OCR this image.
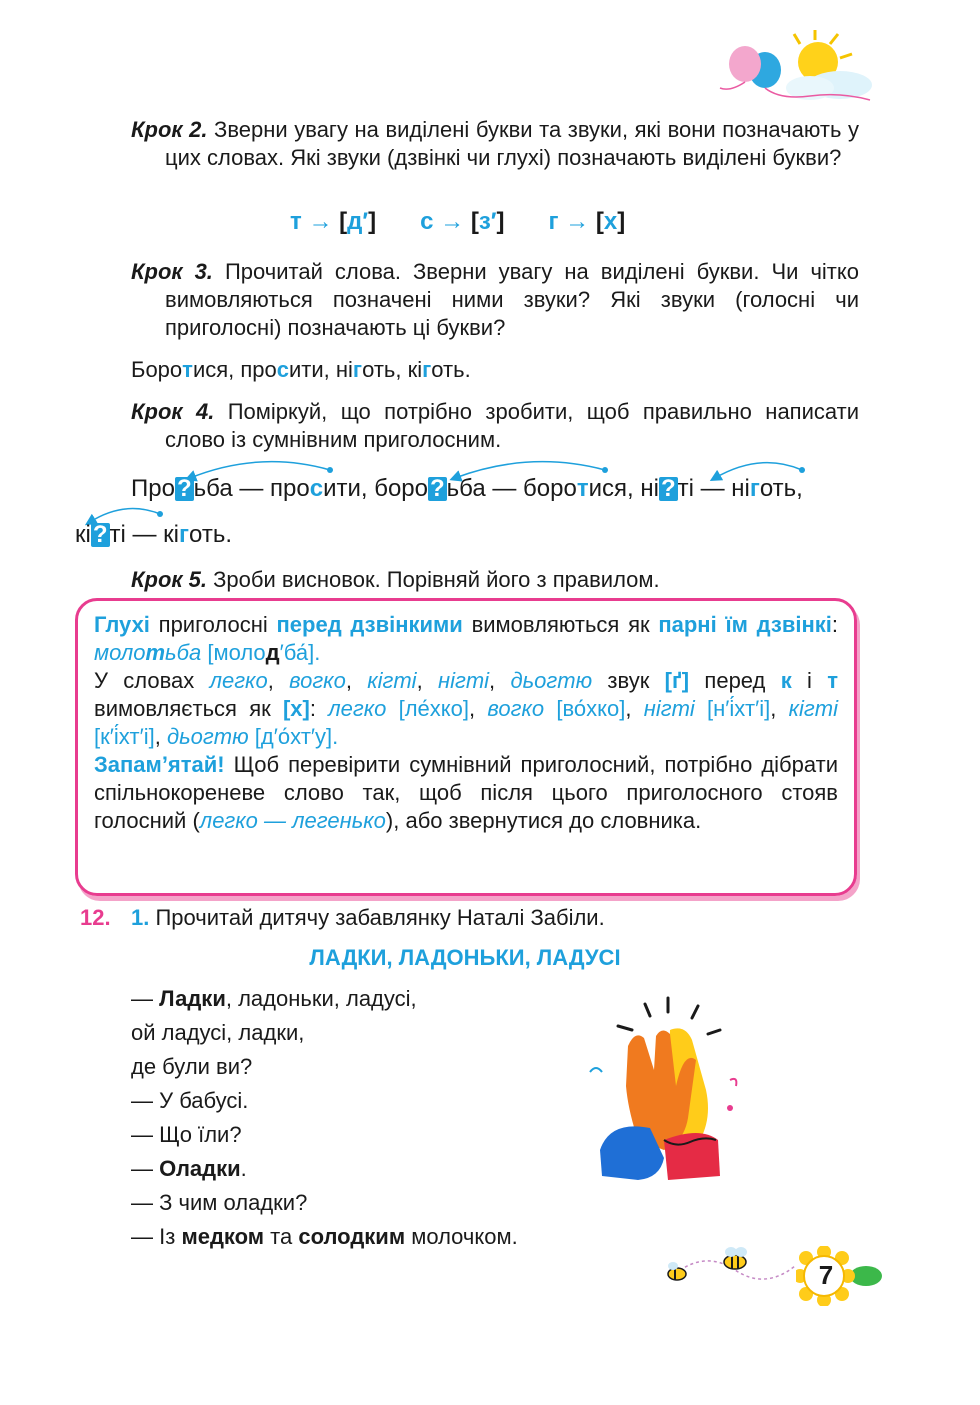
Крок 2. Зверни увагу на виділені букви та звуки, які вони позначають у цих словах. Які звуки (дзвінкі чи глухі) позначають виділені букви?

т → [д′] с → [з′] г → [х]

Крок 3. Прочитай слова. Зверни увагу на виділені букви. Чи чітко вимовляються позначені ними звуки? Які звуки (голосні чи приголосні) позначають ці букви?

Боротися, просити, ніготь, кіготь.

Крок 4. Поміркуй, що потрібно зробити, щоб правильно написати слово із сумнівним приголосним.

Про?ьба — просити, боро?ьба — боротися, ні?ті — ніготь,
кі?ті — кіготь.
Крок 5. Зроби висновок. Порівняй його з правилом.

Глухі приголосні перед дзвінкими вимовляються як парні їм дзвінкі: молотьба [молод′ба́].

У словах легко, вогко, кігті, нігті, дьогтю звук [ґ] перед к і т вимовляється як [х]: легко [ле́хко], вогко [во́хко], нігті [н′і́хт′і], кігті [к′і́хт′і], дьогтю [д′о́хт′у].

Запам’ятай! Щоб перевірити сумнівний приголосний, потрібно дібрати спільнокореневе слово так, щоб після цього приголосного стояв голосний (легко — легенько), або звернутися до словника.

12. 1. Прочитай дитячу забавлянку Наталі Забіли.
ЛАДКИ, ЛАДОНЬКИ, ЛАДУСІ

— Ладки, ладоньки, ладусі,

ой ладусі, ладки,

де були ви?

— У бабусі.

— Що їли?

— Оладки.

— З чим оладки?

— Із медком та солодким молочком.

7
